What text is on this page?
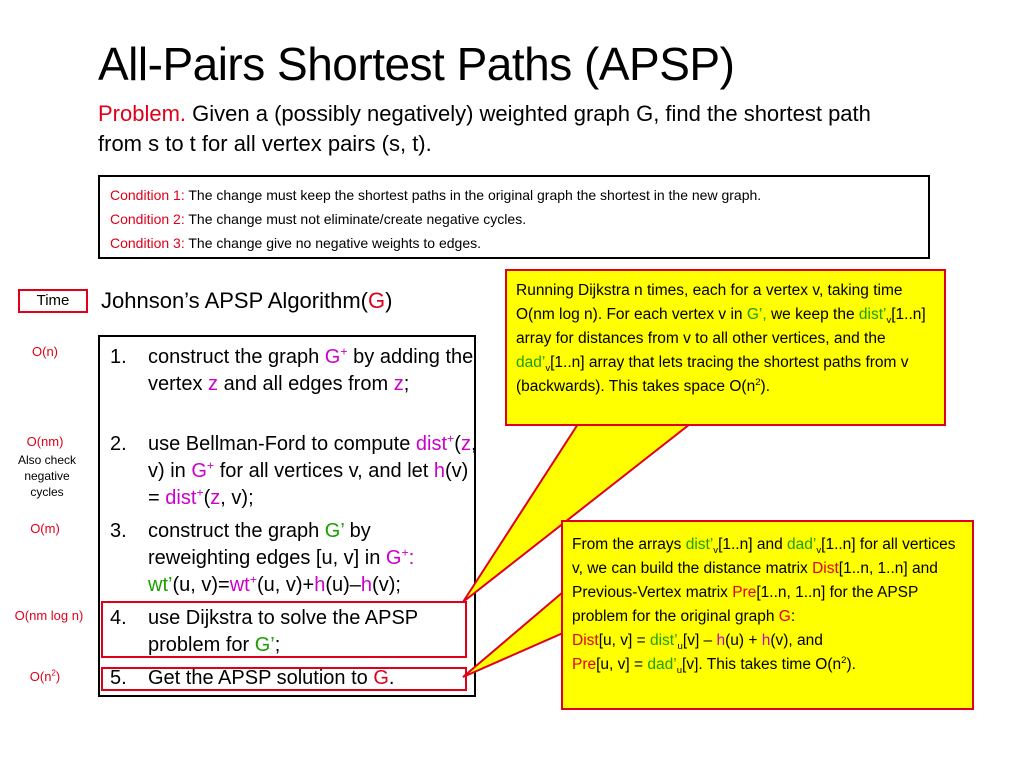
All-Pairs Shortest Paths (APSP)
Problem. Given a (possibly negatively) weighted graph G, find the shortest path from s to t for all vertex pairs (s, t).
Condition 1: The change must keep the shortest paths in the original graph the shortest in the new graph.
Condition 2: The change must not eliminate/create negative cycles.
Condition 3: The change give no negative weights to edges.
Time	Johnson’s APSP Algorithm(G)
O(n)
O(nm)
Also check negative cycles
O(m)
O(nm log n)
$O(n^2)$
1.	construct the graph G+ by adding the vertex z and all edges from z;
2.	use Bellman-Ford to compute dist+(z, v) in G+ for all vertices v, and let h(v) = dist+(z, v);
3.	construct the graph G’ by reweighting edges [u, v] in G+:
wt’(u, v)=wt+(u, v)+h(u)–h(v);
4.	use Dijkstra to solve the APSP problem for G’;
5.	Get the APSP solution to G.
Running Dijkstra n times, each for a vertex v, taking time O(nm log n). For each vertex v in G’, we keep the $dist’_v[1..n]$ array for distances from v to all other vertices, and the $dad’_v[1..n]$ array that lets tracing the shortest paths from v (backwards). This takes space $O(n^2)$.
From the arrays $dist’_v[1..n]$ and $dad’_v[1..n]$ for all vertices v, we can build the distance matrix Dist[1..n, 1..n] and Previous-Vertex matrix Pre[1..n, 1..n] for the APSP problem for the original graph G:
Dist[u, $v] = dist’_u[v] - h(u) + h(v)$, and
Pre[u, $v] = dad’_u[v]$. This takes time $O(n^2)$.
